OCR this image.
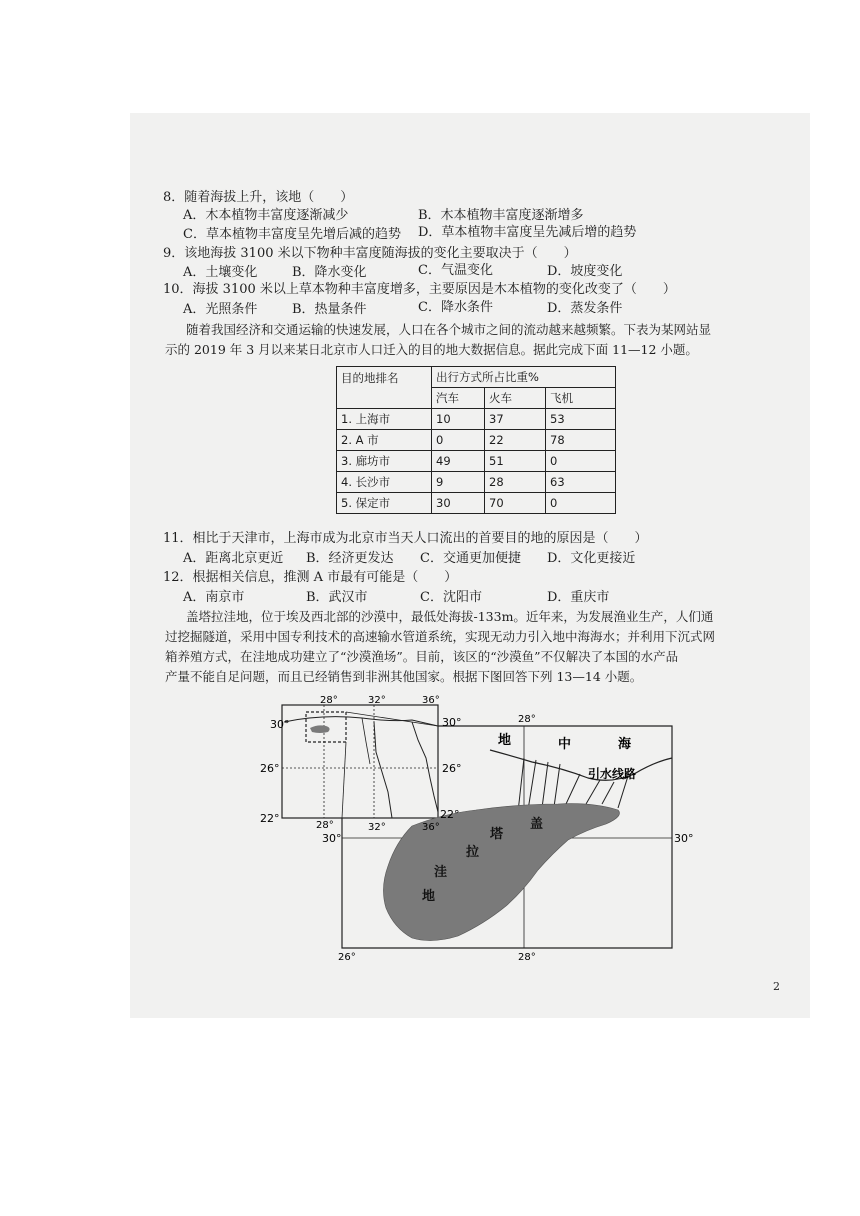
8．随着海拔上升，该地（　　）
A．木本植物丰富度逐渐减少	B．木本植物丰富度逐渐增多
C．草本植物丰富度呈先增后减的趋势 D．草本植物丰富度呈先减后增的趋势
9．该地海拔 3100 米以下物种丰富度随海拔的变化主要取决于（　　）
A．土壤变化	B．降水变化	C．气温变化	D．坡度变化
10．海拔 3100 米以上草本物种丰富度增多，主要原因是木本植物的变化改变了（　　）
A．光照条件	B．热量条件	C．降水条件	D．蒸发条件
随着我国经济和交通运输的快速发展，人口在各个城市之间的流动越来越频繁。下表为某网站显
示的 2019 年 3 月以来某日北京市人口迁入的目的地大数据信息。据此完成下面 11—12 小题。
目的地排名	出行方式所占比重%		
	汽车	火车	飞机
1. 上海市	10	37	53
2. A 市	0	22	78
3. 廊坊市	49	51	0
4. 长沙市	9	28	63
5. 保定市	30	70	0
11．相比于天津市，上海市成为北京市当天人口流出的首要目的地的原因是（　　）
A．距离北京更近 B．经济更发达 C．交通更加便捷 D．文化更接近
12．根据相关信息，推测 A 市最有可能是（　　）
A．南京市	B．武汉市	C．沈阳市	D．重庆市
盖塔拉洼地，位于埃及西北部的沙漠中，最低处海拔-133m。近年来，为发展渔业生产，人们通
过挖掘隧道，采用中国专利技术的高速输水管道系统，实现无动力引入地中海海水；并利用下沉式网
箱养殖方式，在洼地成功建立了“沙漠渔场”。目前，该区的“沙漠鱼”不仅解决了本国的水产品
产量不能自足问题，而且已经销售到非洲其他国家。根据下图回答下列 13—14 小题。
30°
26°
22°
28°	32°	36°
26°
22°
28°	32°	36°
30°	28°
30°
30°
26°	28°
地	中	海
引水线路
盖
塔
拉
洼
地
2
